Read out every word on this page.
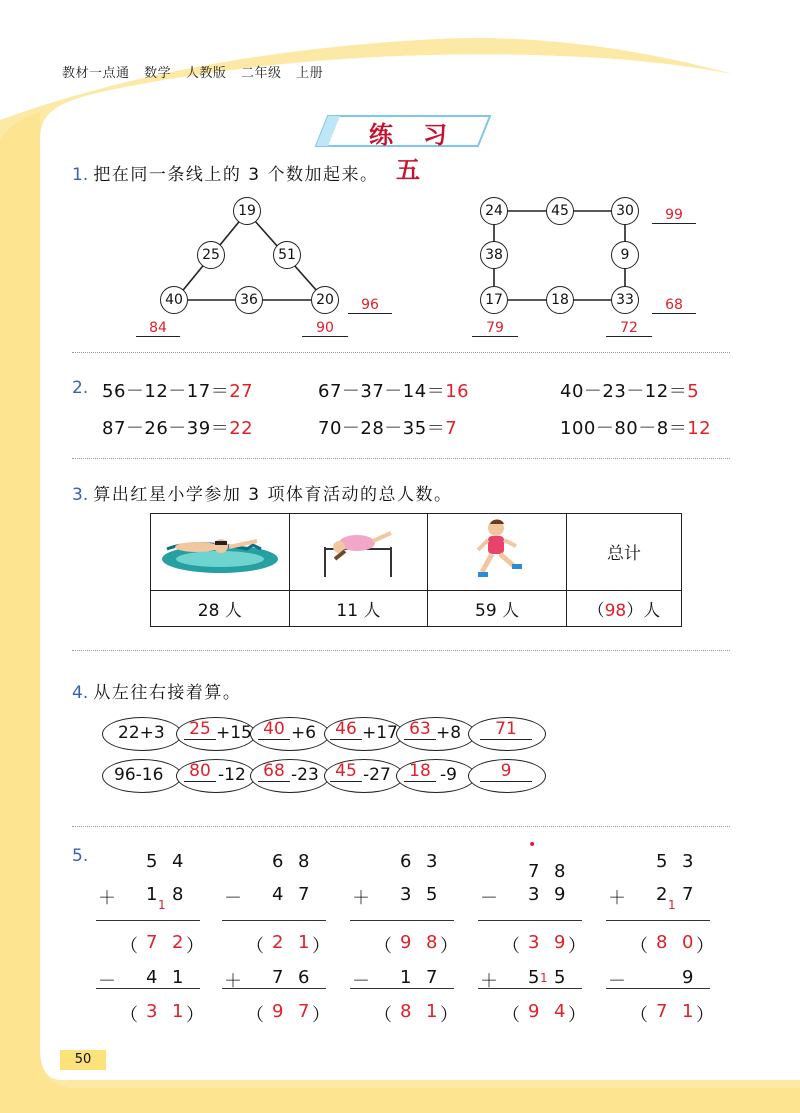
教材一点通 数学 人教版 二年级 上册
练习五
1. 把在同一条线上的 3 个数加起来。
19
25	51
40	36	20
84	90
96
24	45	30
38	9
17	18	33
99
68
79	72
2. 56－12－17＝27	67－37－14＝16	40－23－12＝5
87－26－39＝22	70－28－35＝7	100－80－8＝12
3. 算出红星小学参加 3 项体育活动的总人数。
			总计
28 人	11 人	59 人	（98）人
4. 从左往右接着算。
22+3	25 +15 40 +6	46 +17 63 +8	71
96-16	80 -12	68 -23 45 -27	18 -9	9
5.	5 4
＋ 1 8
1
（ 7 2 ）
－ 4 1
（ 3 1 ）
6 8
－ 4 7
（ 2 1 ）
＋ 7 6
（ 9 7 ）
6 3
＋ 3 5
（ 9 8 ）
－ 1 7
（ 8 1 ）
7 8
•
－ 3 9
（ 3 9 ）
＋ 5 5
1
（ 9 4 ）
5 3
＋ 2 7
1
（ 8 0 ）
－	9
（ 7 1 ）
50
